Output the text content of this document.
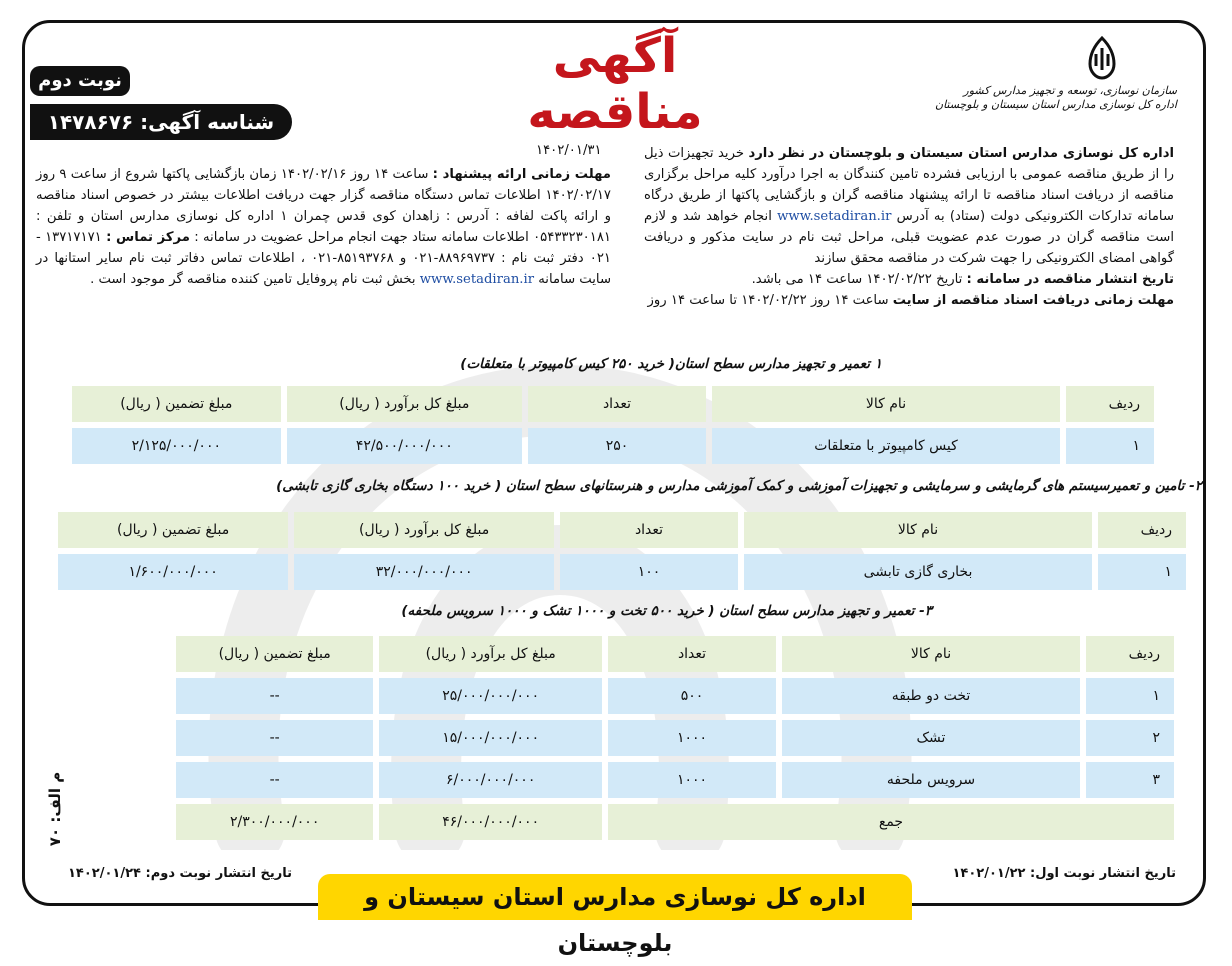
سازمان نوسازی، توسعه و تجهیز مدارس کشور
اداره کل نوسازی مدارس استان سیستان و بلوچستان
آگهی مناقصه
نوبت دوم
شناسه آگهی: ۱۴۷۸۶۷۶

اداره کل نوسازی مدارس استان سیستان و بلوچستان در نظر دارد خرید تجهیزات ذیل را از طریق مناقصه عمومی با ارزیابی فشرده تامین کنندگان به اجرا درآورد کلیه مراحل برگزاری مناقصه از دریافت اسناد مناقصه تا ارائه پیشنهاد مناقصه گران و بازگشایی پاکتها از طریق درگاه سامانه تدارکات الکترونیکی دولت (ستاد) به آدرس www.setadiran.ir انجام خواهد شد و لازم است مناقصه گران در صورت عدم عضویت قبلی، مراحل ثبت نام در سایت مذکور و دریافت گواهی امضای الکترونیکی را جهت شرکت در مناقصه محقق سازند

تاریخ انتشار مناقصه در سامانه : تاریخ ۱۴۰۲/۰۲/۲۲ ساعت ۱۴ می باشد.

مهلت زمانی دریافت اسناد مناقصه از سایت ساعت ۱۴ روز ۱۴۰۲/۰۲/۲۲ تا ساعت ۱۴ روز

۱۴۰۲/۰۱/۳۱

مهلت زمانی ارائه پیشنهاد : ساعت ۱۴ روز ۱۴۰۲/۰۲/۱۶ زمان بازگشایی پاکتها شروع از ساعت ۹ روز ۱۴۰۲/۰۲/۱۷ اطلاعات تماس دستگاه مناقصه گزار جهت دریافت اطلاعات بیشتر در خصوص اسناد مناقصه و ارائه پاکت لفافه : آدرس : زاهدان کوی قدس چمران ۱ اداره کل نوسازی مدارس استان و تلفن : ۰۵۴۳۳۲۳۰۱۸۱ اطلاعات سامانه ستاد جهت انجام مراحل عضویت در سامانه : مرکز تماس : ۱۳۷۱۷۱۷۱ - ۰۲۱ دفتر ثبت نام : ۸۸۹۶۹۷۳۷-۰۲۱ و ۸۵۱۹۳۷۶۸-۰۲۱ ، اطلاعات تماس دفاتر ثبت نام سایر استانها در سایت سامانه www.setadiran.ir بخش ثبت نام پروفایل تامین کننده مناقصه گر موجود است .

۱ تعمیر و تجهیز مدارس سطح استان( خرید ۲۵۰ کیس کامپیوتر با متعلقات)
ردیف	نام کالا	تعداد	مبلغ کل برآورد ( ریال)	مبلغ تضمین ( ریال)
۱	کیس کامپیوتر با متعلقات	۲۵۰	۴۲/۵۰۰/۰۰۰/۰۰۰	۲/۱۲۵/۰۰۰/۰۰۰
۲- تامین و تعمیرسیستم های گرمایشی و سرمایشی و تجهیزات آموزشی و کمک آموزشی مدارس و هنرستانهای سطح استان ( خرید ۱۰۰ دستگاه بخاری گازی تابشی)
ردیف	نام کالا	تعداد	مبلغ کل برآورد ( ریال)	مبلغ تضمین ( ریال)
۱	بخاری گازی تابشی	۱۰۰	۳۲/۰۰۰/۰۰۰/۰۰۰	۱/۶۰۰/۰۰۰/۰۰۰
۳- تعمیر و تجهیز مدارس سطح استان ( خرید ۵۰۰ تخت و ۱۰۰۰ تشک و ۱۰۰۰ سرویس ملحفه)
ردیف	نام کالا	تعداد	مبلغ کل برآورد ( ریال)	مبلغ تضمین ( ریال)
۱	تخت دو طبقه	۵۰۰	۲۵/۰۰۰/۰۰۰/۰۰۰	--
۲	تشک	۱۰۰۰	۱۵/۰۰۰/۰۰۰/۰۰۰	--
۳	سرویس ملحفه	۱۰۰۰	۶/۰۰۰/۰۰۰/۰۰۰	--
جمع			۴۶/۰۰۰/۰۰۰/۰۰۰	۲/۳۰۰/۰۰۰/۰۰۰
م الف: ۷۰
تاریخ انتشار نوبت اول: ۱۴۰۲/۰۱/۲۲
تاریخ انتشار نوبت دوم: ۱۴۰۲/۰۱/۲۴
اداره کل نوسازی مدارس استان سیستان و بلوچستان
